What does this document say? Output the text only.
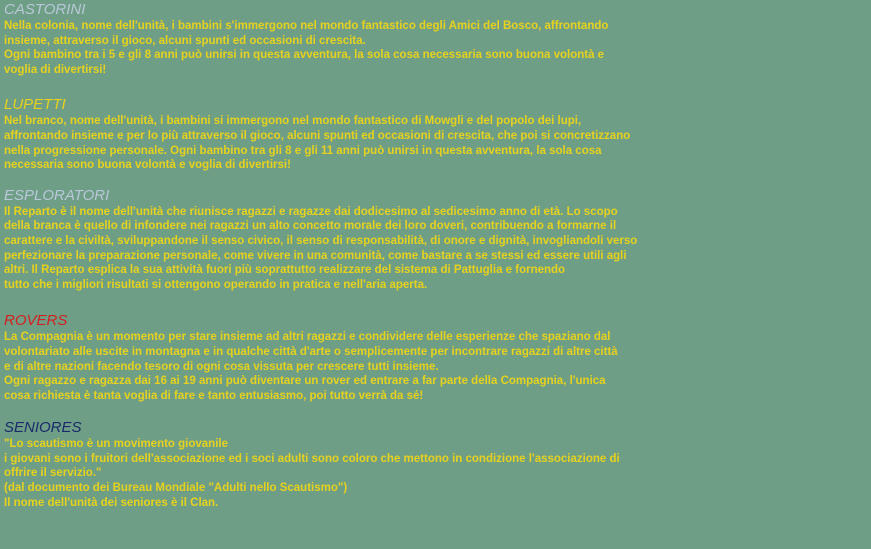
CASTORINI
Nella colonia, nome dell'unità, i bambini s'immergono nel mondo fantastico degli Amici del Bosco, affrontando
insieme, attraverso il gioco, alcuni spunti ed occasioni di crescita.
Ogni bambino tra i 5 e gli 8 anni può unirsi in questa avventura, la sola cosa necessaria sono buona volontà e
voglia di divertirsi!
LUPETTI
Nel branco, nome dell'unità, i bambini si immergono nel mondo fantastico di Mowgli e del popolo dei lupi,
affrontando insieme e per lo più attraverso il gioco, alcuni spunti ed occasioni di crescita, che poi si concretizzano
nella progressione personale. Ogni bambino tra gli 8 e gli 11 anni può unirsi in questa avventura, la sola cosa
necessaria sono buona volontà e voglia di divertirsi!
ESPLORATORI
Il Reparto è il nome dell'unità che riunisce ragazzi e ragazze dai dodicesimo al sedicesimo anno di età. Lo scopo
della branca è quello di infondere nei ragazzi un alto concetto morale dei loro doveri, contribuendo a formarne il
carattere e la civiltà, sviluppandone il senso civico, il senso di responsabilità, di onore e dignità, invogliandoli verso
perfezionare la preparazione personale, come vivere in una comunità, come bastare a se stessi ed essere utili agli
altri. Il Reparto esplica la sua attività fuori più soprattutto realizzare del sistema di Pattuglia e fornendo
tutto che i migliori risultati si ottengono operando in pratica e nell'aria aperta.
ROVERS
La Compagnia è un momento per stare insieme ad altri ragazzi e condividere delle esperienze che spaziano dal
volontariato alle uscite in montagna e in qualche città d'arte o semplicemente per incontrare ragazzi di altre città
e di altre nazioni facendo tesoro di ogni cosa vissuta per crescere tutti insieme.
Ogni ragazzo e ragazza dai 16 ai 19 anni può diventare un rover ed entrare a far parte della Compagnia, l'unica
cosa richiesta è tanta voglia di fare e tanto entusiasmo, poi tutto verrà da sé!
SENIORES
"Lo scautismo è un movimento giovanile
i giovani sono i fruitori dell'associazione ed i soci adulti sono coloro che mettono in condizione l'associazione di
offrire il servizio."
(dal documento dei Bureau Mondiale "Adulti nello Scautismo")
Il nome dell'unità dei seniores è il Clan.
